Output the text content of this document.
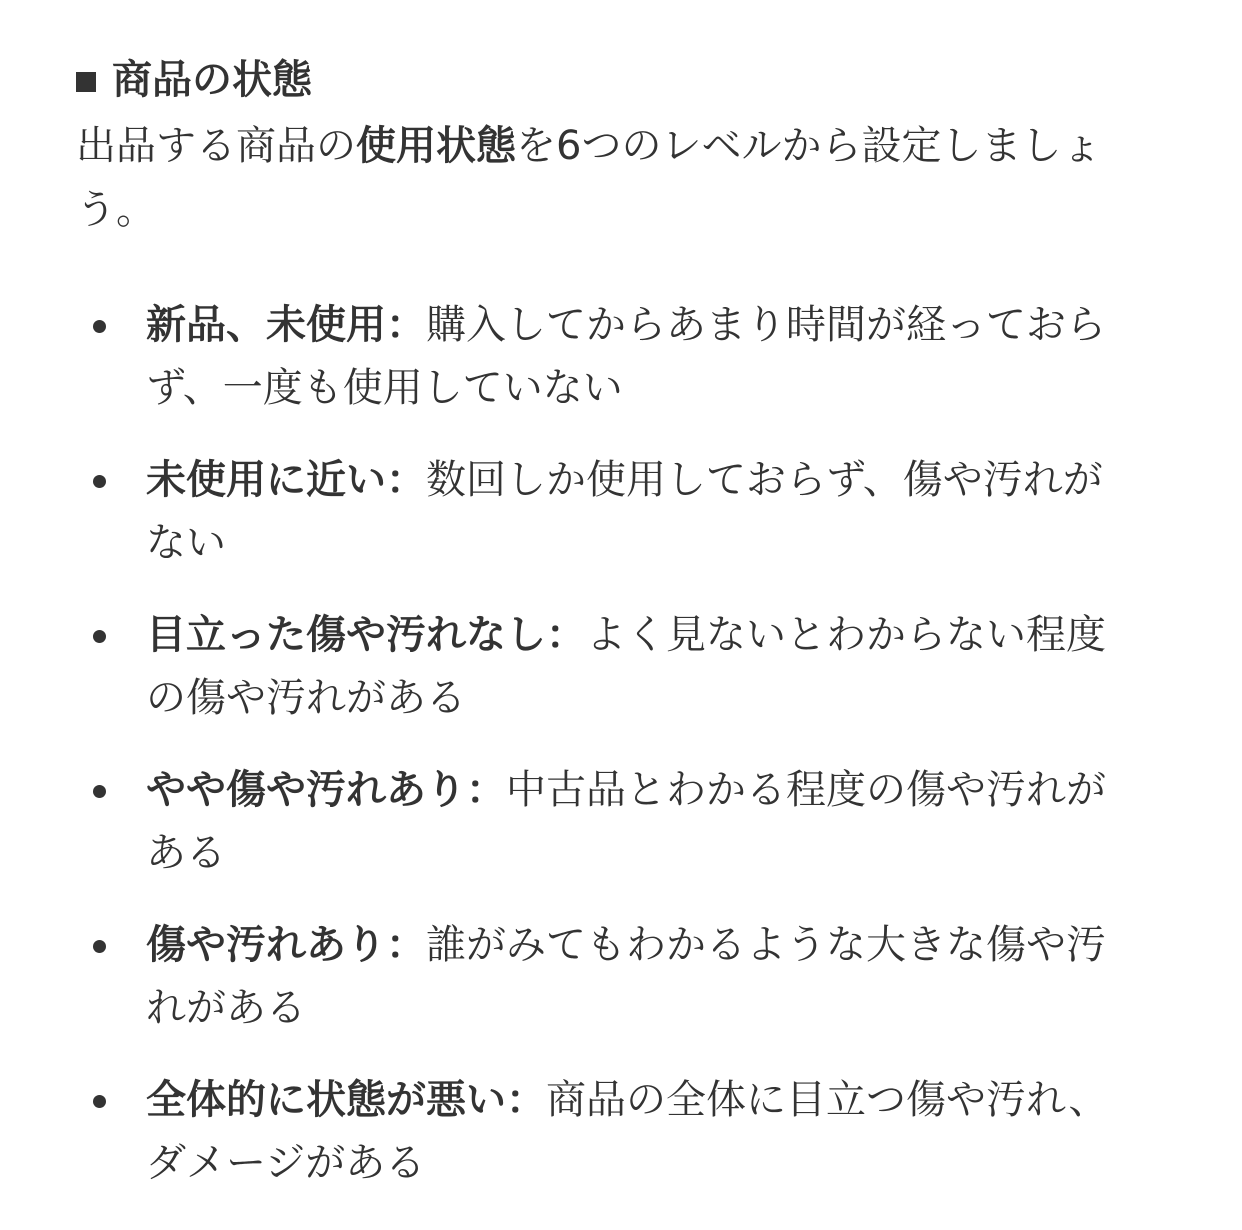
商品の状態

出品する商品の使用状態を6つのレベルから設定しましょう。

新品、未使用：購入してからあまり時間が経っておらず、一度も使用していない
未使用に近い：数回しか使用しておらず、傷や汚れがない
目立った傷や汚れなし：よく見ないとわからない程度の傷や汚れがある
やや傷や汚れあり：中古品とわかる程度の傷や汚れがある
傷や汚れあり：誰がみてもわかるような大きな傷や汚れがある
全体的に状態が悪い：商品の全体に目立つ傷や汚れ、ダメージがある
